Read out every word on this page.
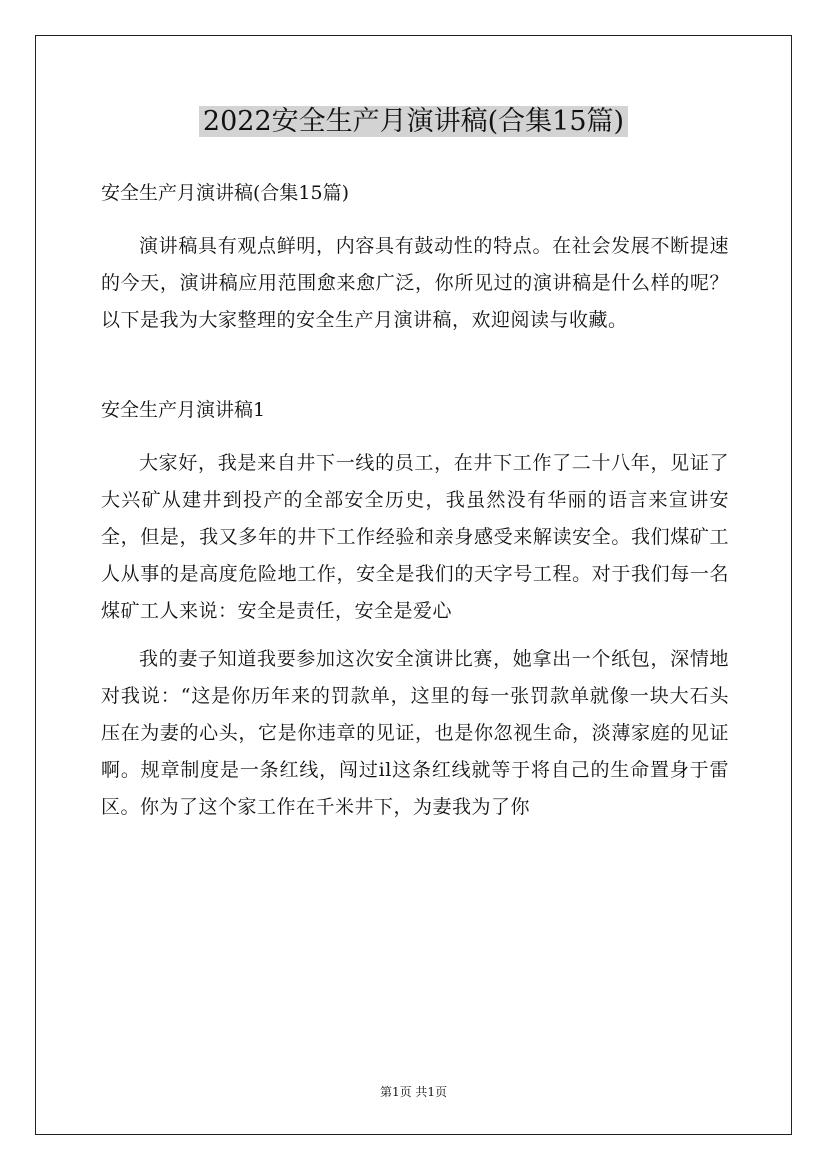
2022安全生产月演讲稿(合集15篇)

安全生产月演讲稿(合集15篇)

演讲稿具有观点鲜明，内容具有鼓动性的特点。在社会发展不断提速的今天，演讲稿应用范围愈来愈广泛，你所见过的演讲稿是什么样的呢？以下是我为大家整理的安全生产月演讲稿，欢迎阅读与收藏。

安全生产月演讲稿1

大家好，我是来自井下一线的员工，在井下工作了二十八年，见证了大兴矿从建井到投产的全部安全历史，我虽然没有华丽的语言来宣讲安全，但是，我又多年的井下工作经验和亲身感受来解读安全。我们煤矿工人从事的是高度危险地工作，安全是我们的天字号工程。对于我们每一名煤矿工人来说：安全是责任，安全是爱心

我的妻子知道我要参加这次安全演讲比赛，她拿出一个纸包，深情地对我说：“这是你历年来的罚款单，这里的每一张罚款单就像一块大石头压在为妻的心头，它是你违章的见证，也是你忽视生命，淡薄家庭的见证啊。规章制度是一条红线，闯过il这条红线就等于将自己的生命置身于雷区。你为了这个家工作在千米井下，为妻我为了你

第1页 共1页
